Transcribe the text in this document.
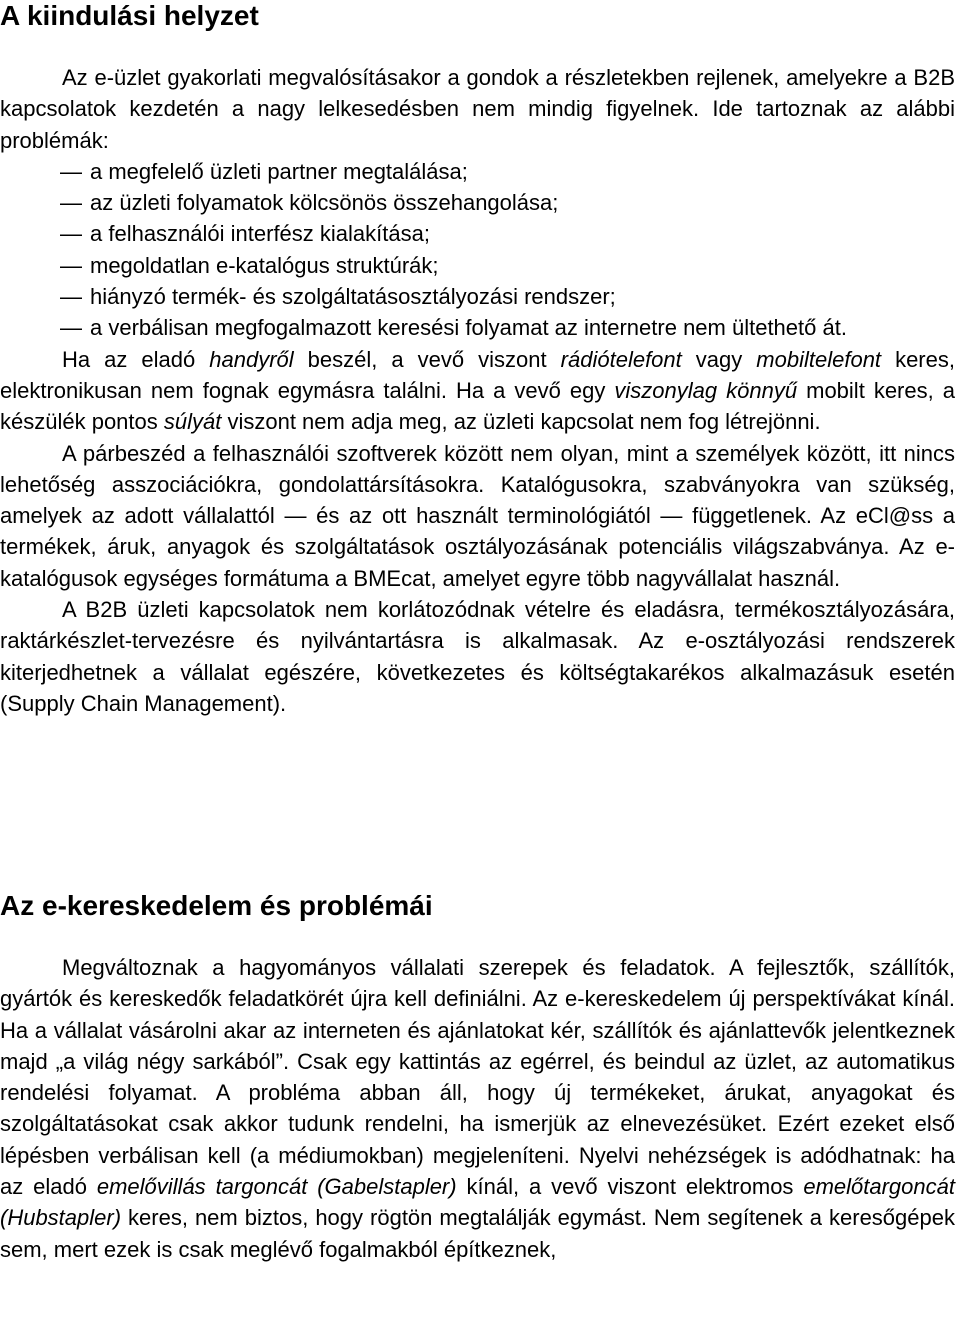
A kiindulási helyzet

Az e-üzlet gyakorlati megvalósításakor a gondok a részletekben rejlenek, amelyekre a B2B kapcsolatok kezdetén a nagy lelkesedésben nem mindig figyelnek. Ide tartoznak az alábbi problémák:

— a megfelelő üzleti partner megtalálása;
— az üzleti folyamatok kölcsönös összehangolása;
— a felhasználói interfész kialakítása;
— megoldatlan e-katalógus struktúrák;
— hiányzó termék- és szolgáltatásosztályozási rendszer;
— a verbálisan megfogalmazott keresési folyamat az internetre nem ültethető át.

Ha az eladó handyről beszél, a vevő viszont rádiótelefont vagy mobiltelefont keres, elektronikusan nem fognak egymásra találni. Ha a vevő egy viszonylag könnyű mobilt keres, a készülék pontos súlyát viszont nem adja meg, az üzleti kapcsolat nem fog létrejönni.

A párbeszéd a felhasználói szoftverek között nem olyan, mint a személyek között, itt nincs lehetőség asszociációkra, gondolattársításokra. Katalógusokra, szabványokra van szükség, amelyek az adott vállalattól — és az ott használt terminológiától — függetlenek. Az eCl@ss a termékek, áruk, anyagok és szolgáltatások osztályozásának potenciális világszabványa. Az e-katalógusok egységes formátuma a BMEcat, amelyet egyre több nagyvállalat használ.

A B2B üzleti kapcsolatok nem korlátozódnak vételre és eladásra, termékosztályozására, raktárkészlet-tervezésre és nyilvántartásra is alkalmasak. Az e-osztályozási rendszerek kiterjedhetnek a vállalat egészére, következetes és költségtakarékos alkalmazásuk esetén (Supply Chain Management).

Az e-kereskedelem és problémái

Megváltoznak a hagyományos vállalati szerepek és feladatok. A fejlesztők, szállítók, gyártók és kereskedők feladatkörét újra kell definiálni. Az e-kereskedelem új perspektívákat kínál. Ha a vállalat vásárolni akar az interneten és ajánlatokat kér, szállítók és ajánlattevők jelentkeznek majd „a világ négy sarkából”. Csak egy kattintás az egérrel, és beindul az üzlet, az automatikus rendelési folyamat. A probléma abban áll, hogy új termékeket, árukat, anyagokat és szolgáltatásokat csak akkor tudunk rendelni, ha ismerjük az elnevezésüket. Ezért ezeket első lépésben verbálisan kell (a médiumokban) megjeleníteni. Nyelvi nehézségek is adódhatnak: ha az eladó emelővillás targoncát (Gabelstapler) kínál, a vevő viszont elektromos emelőtargoncát (Hubstapler) keres, nem biztos, hogy rögtön megtalálják egymást. Nem segítenek a keresőgépek sem, mert ezek is csak meglévő fogalmakból építkeznek,
